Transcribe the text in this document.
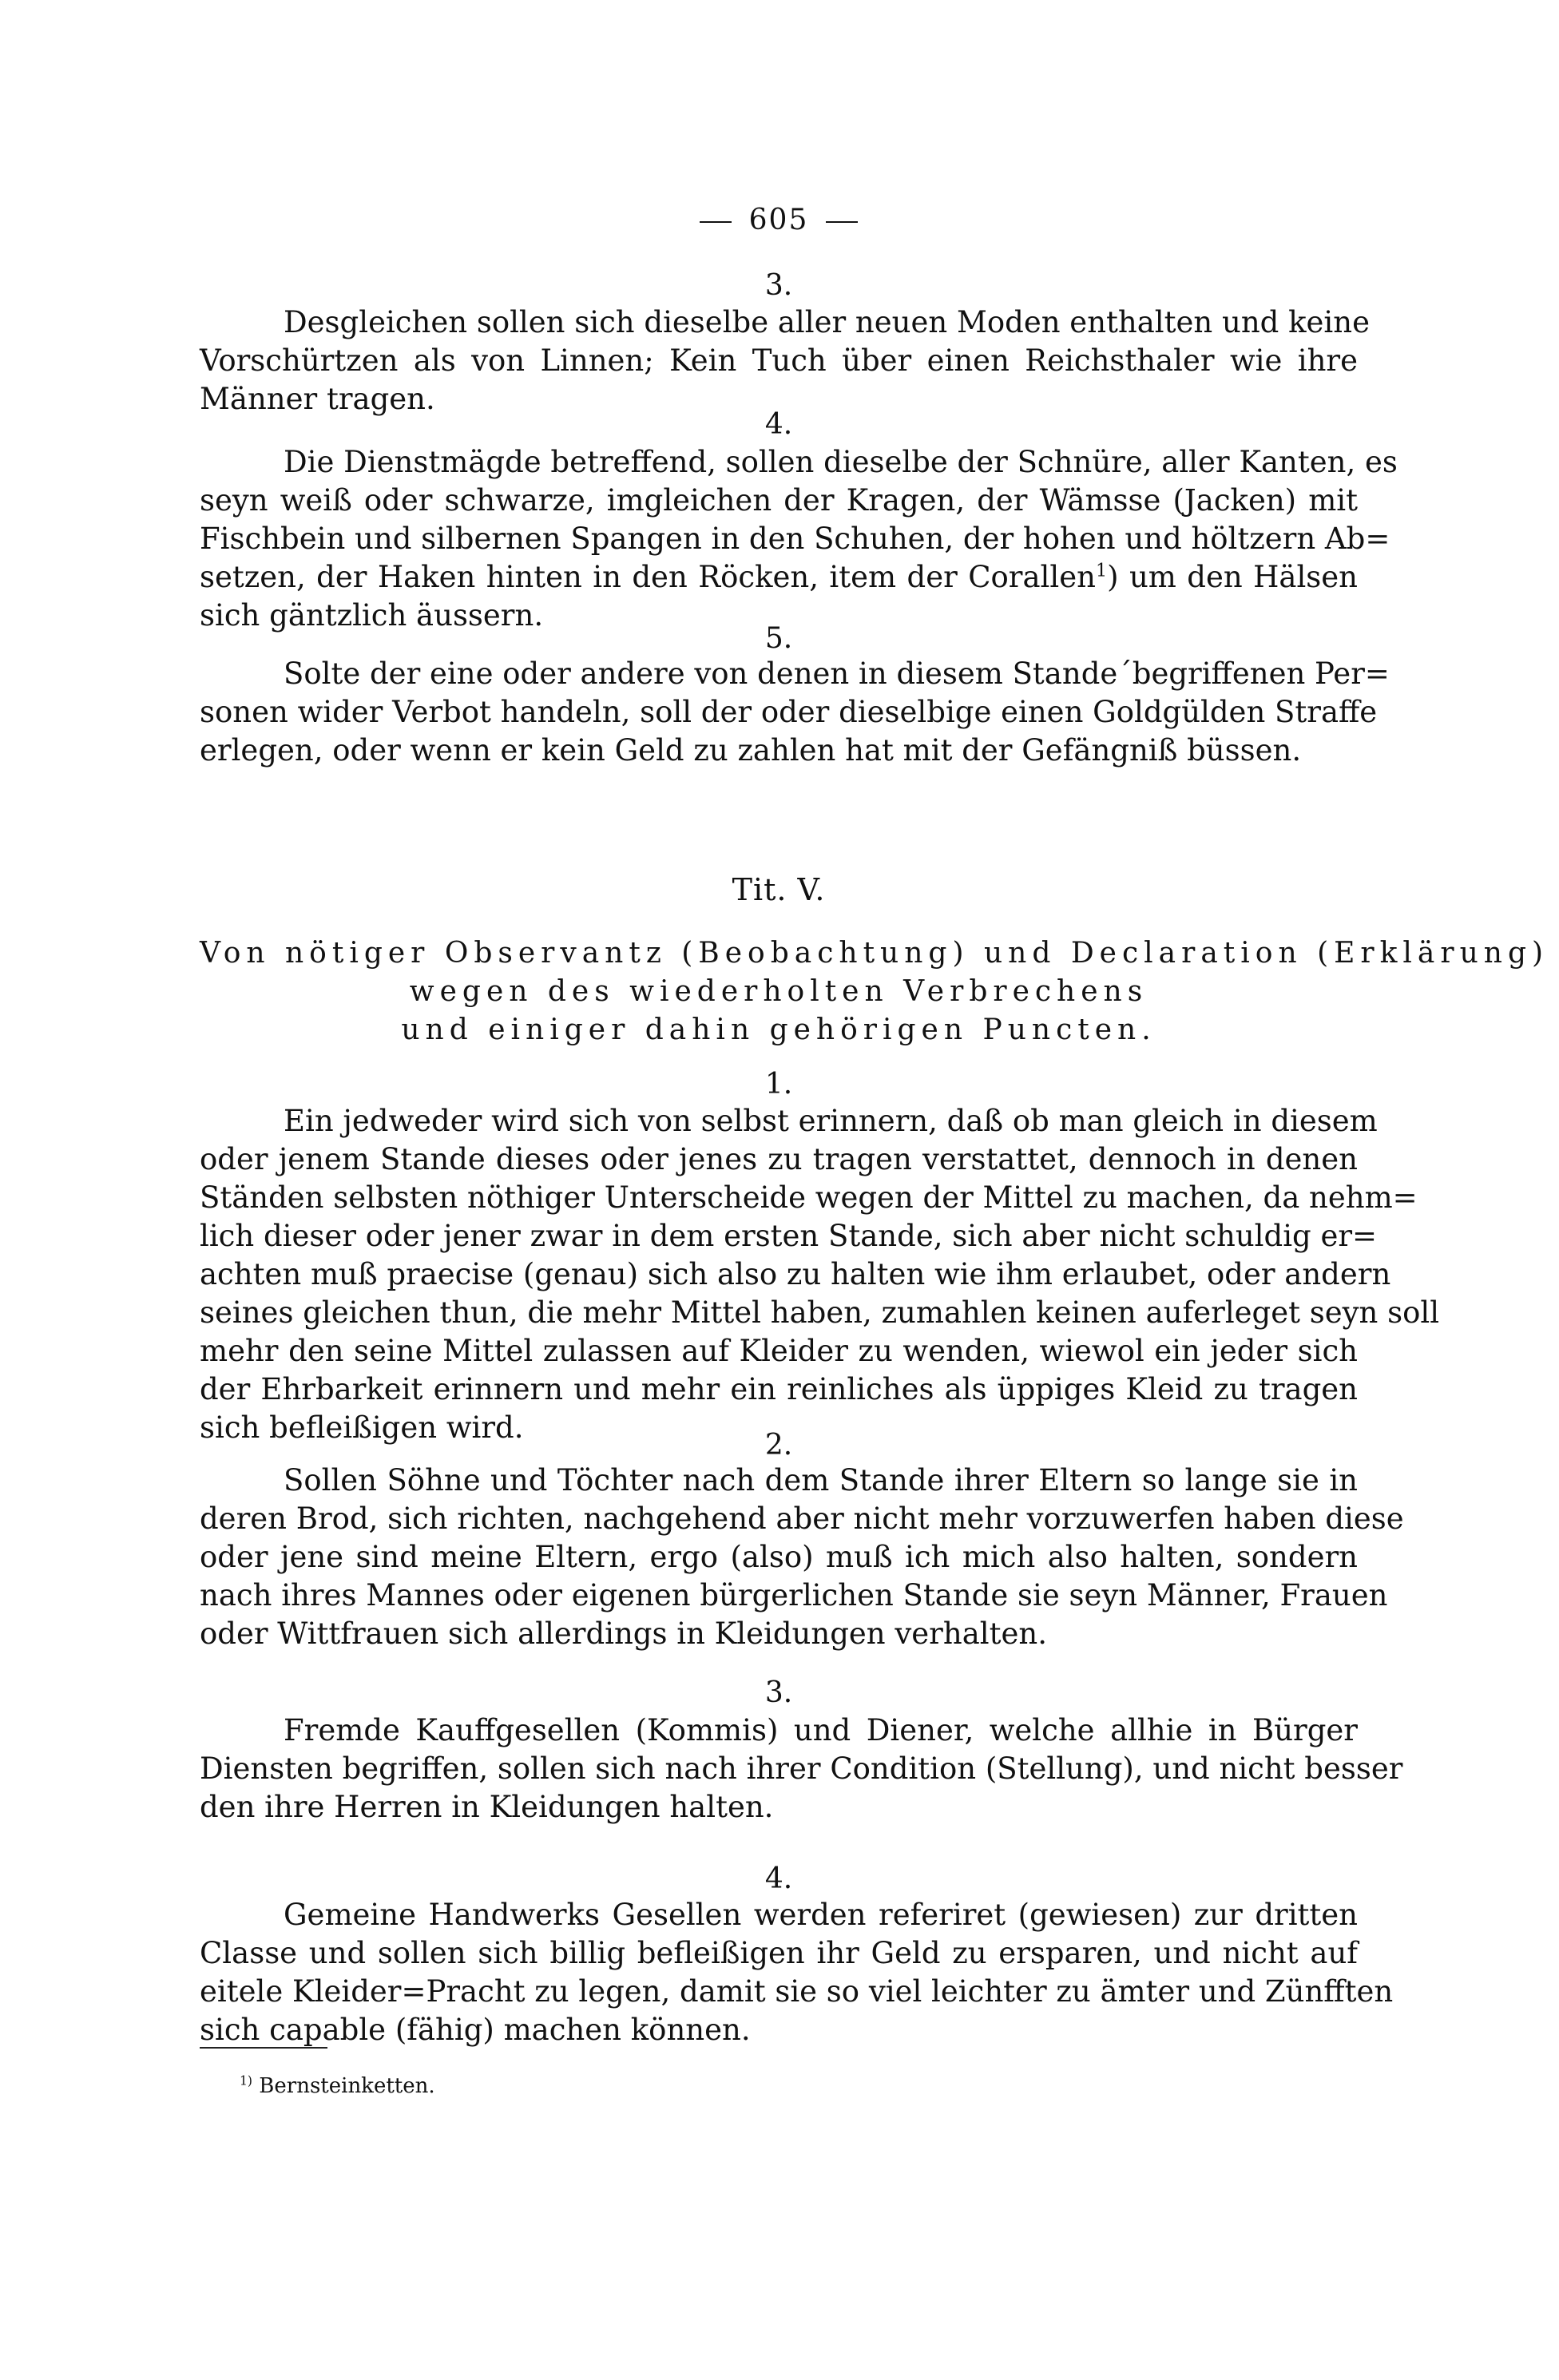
605
3.

Desgleichen sollen sich dieselbe aller neuen Moden enthalten und keine
Vorschürtzen als von Linnen; Kein Tuch über einen Reichsthaler wie ihre
Männer tragen.

4.

Die Dienstmägde betreffend, sollen dieselbe der Schnüre, aller Kanten, es
seyn weiß oder schwarze, imgleichen der Kragen, der Wämsse (Jacken) mit
Fischbein und silbernen Spangen in den Schuhen, der hohen und höltzern Ab=
setzen, der Haken hinten in den Röcken, item der Corallen$^1$) um den Hälsen
sich gäntzlich äussern.

5.

Solte der eine oder andere von denen in diesem Stande´begriffenen Per=
sonen wider Verbot handeln, soll der oder dieselbige einen Goldgülden Straffe
erlegen, oder wenn er kein Geld zu zahlen hat mit der Gefängniß büssen.

Tit. V.
Von nötiger Observantz (Beobachtung) und Declaration (Erklärung)
wegen des wiederholten Verbrechens
und einiger dahin gehörigen Puncten.
1.

Ein jedweder wird sich von selbst erinnern, daß ob man gleich in diesem
oder jenem Stande dieses oder jenes zu tragen verstattet, dennoch in denen
Ständen selbsten nöthiger Unterscheide wegen der Mittel zu machen, da nehm=
lich dieser oder jener zwar in dem ersten Stande, sich aber nicht schuldig er=
achten muß praecise (genau) sich also zu halten wie ihm erlaubet, oder andern
seines gleichen thun, die mehr Mittel haben, zumahlen keinen auferleget seyn soll
mehr den seine Mittel zulassen auf Kleider zu wenden, wiewol ein jeder sich
der Ehrbarkeit erinnern und mehr ein reinliches als üppiges Kleid zu tragen
sich befleißigen wird.

2.

Sollen Söhne und Töchter nach dem Stande ihrer Eltern so lange sie in
deren Brod, sich richten, nachgehend aber nicht mehr vorzuwerfen haben diese
oder jene sind meine Eltern, ergo (also) muß ich mich also halten, sondern
nach ihres Mannes oder eigenen bürgerlichen Stande sie seyn Männer, Frauen
oder Wittfrauen sich allerdings in Kleidungen verhalten.

3.

Fremde Kauffgesellen (Kommis) und Diener, welche allhie in Bürger
Diensten begriffen, sollen sich nach ihrer Condition (Stellung), und nicht besser
den ihre Herren in Kleidungen halten.

4.

Gemeine Handwerks Gesellen werden referiret (gewiesen) zur dritten
Classe und sollen sich billig befleißigen ihr Geld zu ersparen, und nicht auf
eitele Kleider=Pracht zu legen, damit sie so viel leichter zu ämter und Zünfften
sich capable (fähig) machen können.

$^{1)}$ Bernsteinketten.
